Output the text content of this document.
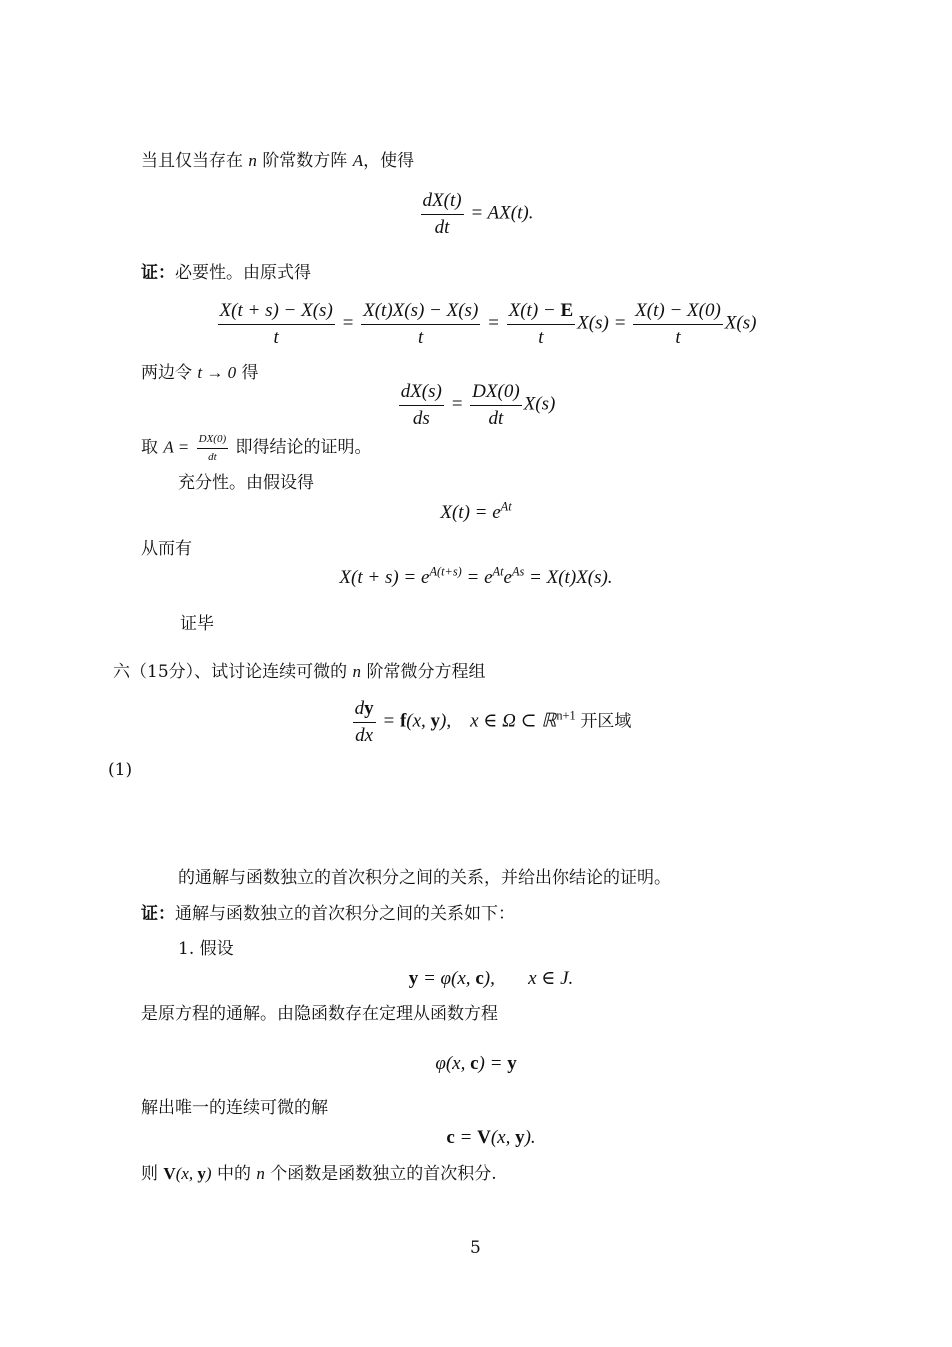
当且仅当存在 n 阶常数方阵 A，使得
$\frac{dX(t)}{dt} = AX(t)$.
证：必要性。由原式得
$\frac{X(t + s) - X(s)}{t} = \frac{X(t)X(s) - X(s)}{t} = \frac{X(t) - E}{t} X(s) = \frac{X(t) - X(0)}{t} X(s)$
两边令 t → 0 得
$\frac{dX(s)}{ds} = \frac{DX(0)}{dt} X(s)$
取 $A = \frac{DX(0)}{dt}$ 即得结论的证明。
充分性。由假设得
$X(t) = e^{At}$
从而有
$X(t + s) = e^{A(t+s)} = e^{At}e^{As} = X(t)X(s)$.
证毕
六（15分）、试讨论连续可微的 n 阶常微分方程组
$\frac{dy}{dx} = f(x$, y), x ∈ Ω ⊂ ℝ$^{n+1}$ 开区域
(1)
的通解与函数独立的首次积分之间的关系，并给出你结论的证明。
证：通解与函数独立的首次积分之间的关系如下：
1. 假设
y = φ(x, c), x ∈ J.
是原方程的通解。由隐函数存在定理从函数方程
φ(x, c) = y
解出唯一的连续可微的解
c = V(x, y).
则 V(x, y) 中的 n 个函数是函数独立的首次积分.
5
